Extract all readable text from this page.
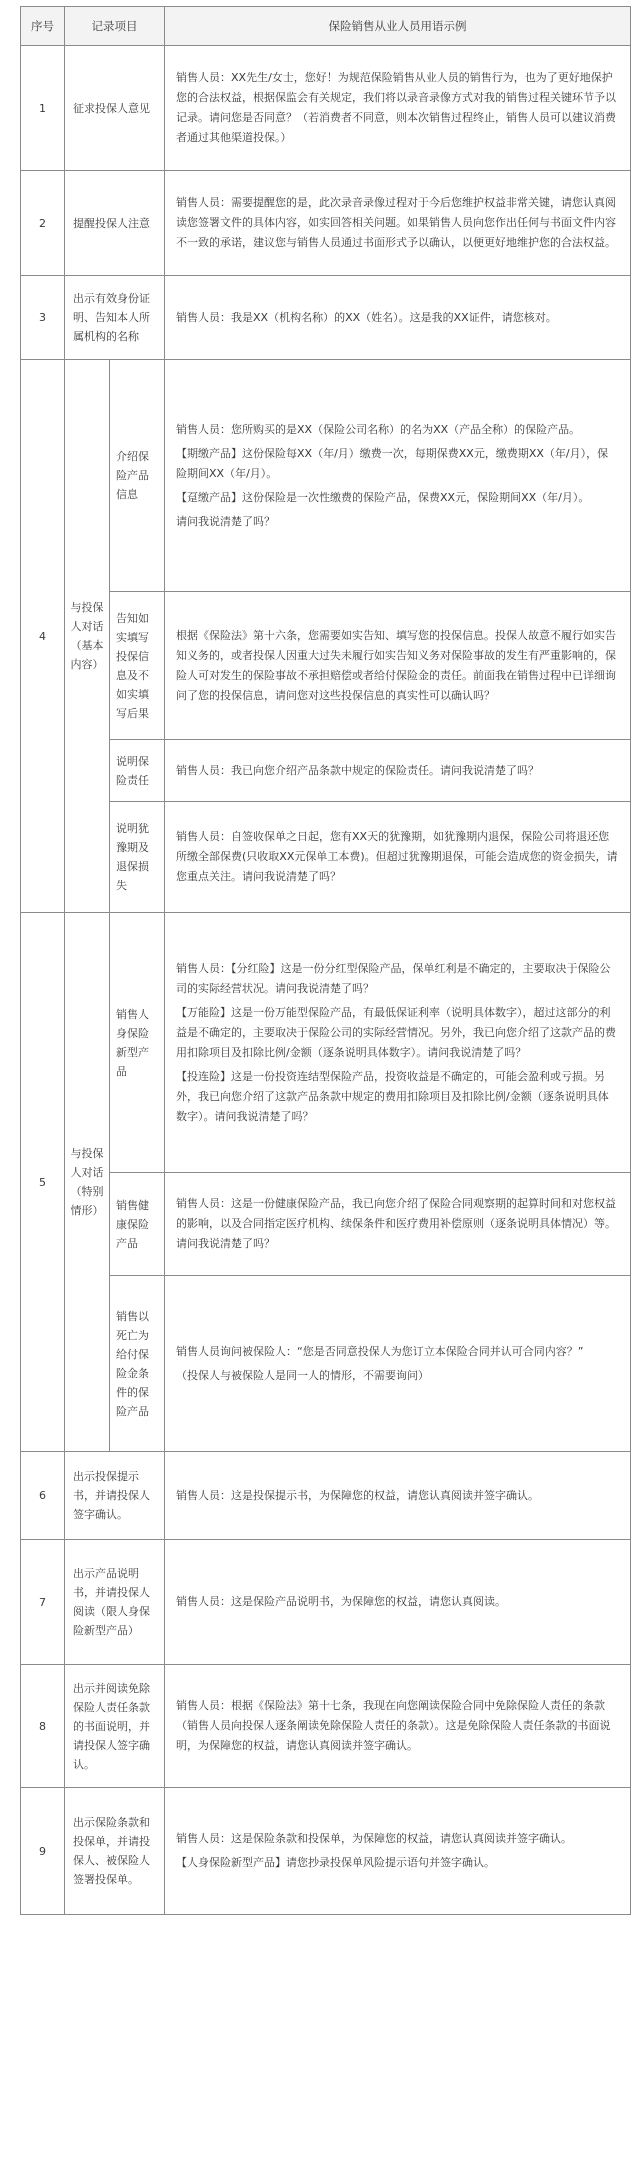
序号	记录项目		保险销售从业人员用语示例
1	征求投保人意见		销售人员：XX先生/女士，您好！为规范保险销售从业人员的销售行为，也为了更好地保护您的合法权益，根据保监会有关规定，我们将以录音录像方式对我的销售过程关键环节予以记录。请问您是否同意？（若消费者不同意，则本次销售过程终止，销售人员可以建议消费者通过其他渠道投保。）

2	提醒投保人注意		销售人员：需要提醒您的是，此次录音录像过程对于今后您维护权益非常关键，请您认真阅读您签署文件的具体内容，如实回答相关问题。如果销售人员向您作出任何与书面文件内容不一致的承诺，建议您与销售人员通过书面形式予以确认，以便更好地维护您的合法权益。

3	出示有效身份证明、告知本人所属机构的名称		销售人员：我是XX（机构名称）的XX（姓名）。这是我的XX证件，请您核对。

4	与投保人对话（基本内容）	介绍保险产品信息	销售人员：您所购买的是XX（保险公司名称）的名为XX（产品全称）的保险产品。

【期缴产品】这份保险每XX（年/月）缴费一次，每期保费XX元，缴费期XX（年/月），保险期间XX（年/月）。

【趸缴产品】这份保险是一次性缴费的保险产品，保费XX元，保险期间XX（年/月）。

请问我说清楚了吗？

		告知如实填写投保信息及不如实填写后果	根据《保险法》第十六条，您需要如实告知、填写您的投保信息。投保人故意不履行如实告知义务的，或者投保人因重大过失未履行如实告知义务对保险事故的发生有严重影响的，保险人可对发生的保险事故不承担赔偿或者给付保险金的责任。前面我在销售过程中已详细询问了您的投保信息，请问您对这些投保信息的真实性可以确认吗？

		说明保险责任	销售人员：我已向您介绍产品条款中规定的保险责任。请问我说清楚了吗？

		说明犹豫期及退保损失	销售人员：自签收保单之日起，您有XX天的犹豫期，如犹豫期内退保，保险公司将退还您所缴全部保费(只收取XX元保单工本费)。但超过犹豫期退保，可能会造成您的资金损失，请您重点关注。请问我说清楚了吗？

5	与投保人对话（特别情形）	销售人身保险新型产品	销售人员：【分红险】这是一份分红型保险产品，保单红利是不确定的，主要取决于保险公司的实际经营状况。请问我说清楚了吗？

【万能险】这是一份万能型保险产品，有最低保证利率（说明具体数字），超过这部分的利益是不确定的，主要取决于保险公司的实际经营情况。另外，我已向您介绍了这款产品的费用扣除项目及扣除比例/金额（逐条说明具体数字）。请问我说清楚了吗？

【投连险】这是一份投资连结型保险产品，投资收益是不确定的，可能会盈利或亏损。另外，我已向您介绍了这款产品条款中规定的费用扣除项目及扣除比例/金额（逐条说明具体数字）。请问我说清楚了吗？

		销售健康保险产品	销售人员：这是一份健康保险产品，我已向您介绍了保险合同观察期的起算时间和对您权益的影响，以及合同指定医疗机构、续保条件和医疗费用补偿原则（逐条说明具体情况）等。请问我说清楚了吗？

		销售以死亡为给付保险金条件的保险产品	销售人员询问被保险人：“您是否同意投保人为您订立本保险合同并认可合同内容？”

（投保人与被保险人是同一人的情形，不需要询问）

6	出示投保提示书，并请投保人签字确认。		销售人员：这是投保提示书，为保障您的权益，请您认真阅读并签字确认。

7	出示产品说明书，并请投保人阅读（限人身保险新型产品）		销售人员：这是保险产品说明书，为保障您的权益，请您认真阅读。

8	出示并阅读免除保险人责任条款的书面说明，并请投保人签字确认。		销售人员：根据《保险法》第十七条，我现在向您阐读保险合同中免除保险人责任的条款（销售人员向投保人逐条阐读免除保险人责任的条款）。这是免除保险人责任条款的书面说明，为保障您的权益，请您认真阅读并签字确认。

9	出示保险条款和投保单，并请投保人、被保险人签署投保单。		销售人员：这是保险条款和投保单，为保障您的权益，请您认真阅读并签字确认。

【人身保险新型产品】请您抄录投保单风险提示语句并签字确认。
